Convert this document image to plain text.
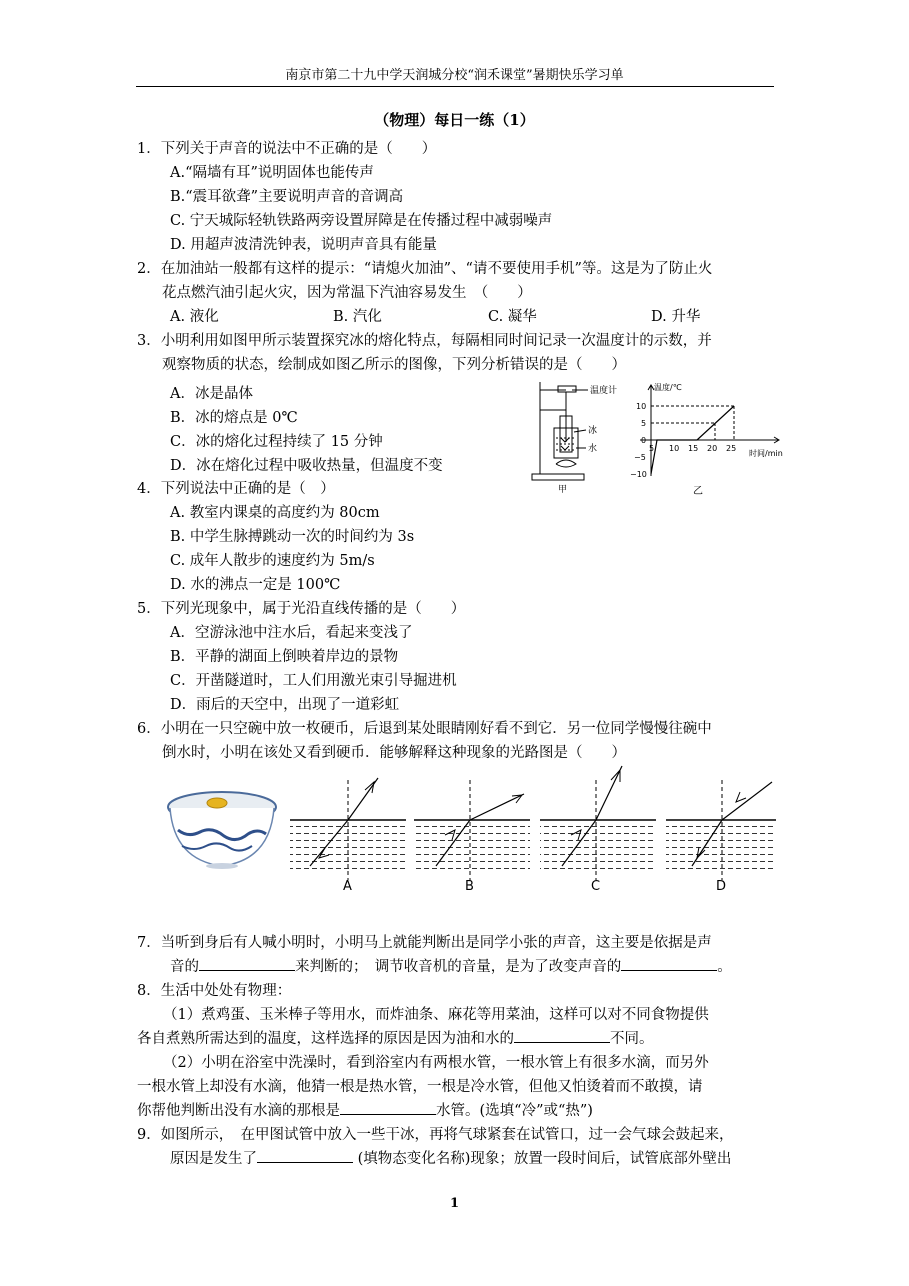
南京市第二十九中学天润城分校“润禾课堂”暑期快乐学习单
（物理）每日一练（1）
1．下列关于声音的说法中不正确的是（　　）
A.“隔墙有耳”说明固体也能传声
B.“震耳欲聋”主要说明声音的音调高
C. 宁天城际轻轨铁路两旁设置屏障是在传播过程中减弱噪声
D. 用超声波清洗钟表，说明声音具有能量
2．在加油站一般都有这样的提示：“请熄火加油”、“请不要使用手机”等。这是为了防止火
花点燃汽油引起火灾，因为常温下汽油容易发生　（　　）
A. 液化	B. 汽化	C. 凝华	D. 升华
3．小明利用如图甲所示装置探究冰的熔化特点，每隔相同时间记录一次温度计的示数，并
观察物质的状态，绘制成如图乙所示的图像，下列分析错误的是（　　）
A．冰是晶体
B．冰的熔点是 0℃
C．冰的熔化过程持续了 15 分钟
D．冰在熔化过程中吸收热量，但温度不变
温度计
冰
水
甲
温度/℃
时间/min
5 10 15 20 25
10
5
0
−5
−10
乙
4．下列说法中正确的是（　）
A. 教室内课桌的高度约为 80cm
B. 中学生脉搏跳动一次的时间约为 3s
C. 成年人散步的速度约为 5m/s
D. 水的沸点一定是 100℃
5．下列光现象中，属于光沿直线传播的是（　　）
A．空游泳池中注水后，看起来变浅了
B．平静的湖面上倒映着岸边的景物
C．开凿隧道时，工人们用激光束引导掘进机
D．雨后的天空中，出现了一道彩虹
6．小明在一只空碗中放一枚硬币，后退到某处眼睛刚好看不到它．另一位同学慢慢往碗中
倒水时，小明在该处又看到硬币．能够解释这种现象的光路图是（　　）
A	B	C	D
7．当听到身后有人喊小明时，小明马上就能判断出是同学小张的声音，这主要是依据是声
音的	来判断的；　调节收音机的音量，是为了改变声音的	。
8．生活中处处有物理：
（1）煮鸡蛋、玉米棒子等用水，而炸油条、麻花等用菜油，这样可以对不同食物提供
各自煮熟所需达到的温度，这样选择的原因是因为油和水的	不同。
（2）小明在浴室中洗澡时，看到浴室内有两根水管，一根水管上有很多水滴，而另外
一根水管上却没有水滴，他猜一根是热水管，一根是冷水管，但他又怕烫着而不敢摸，请
你帮他判断出没有水滴的那根是	水管。(选填“冷”或“热”)
9．如图所示，　在甲图试管中放入一些干冰，再将气球紧套在试管口，过一会气球会鼓起来，
原因是发生了	(填物态变化名称)现象；放置一段时间后，试管底部外壁出
1
